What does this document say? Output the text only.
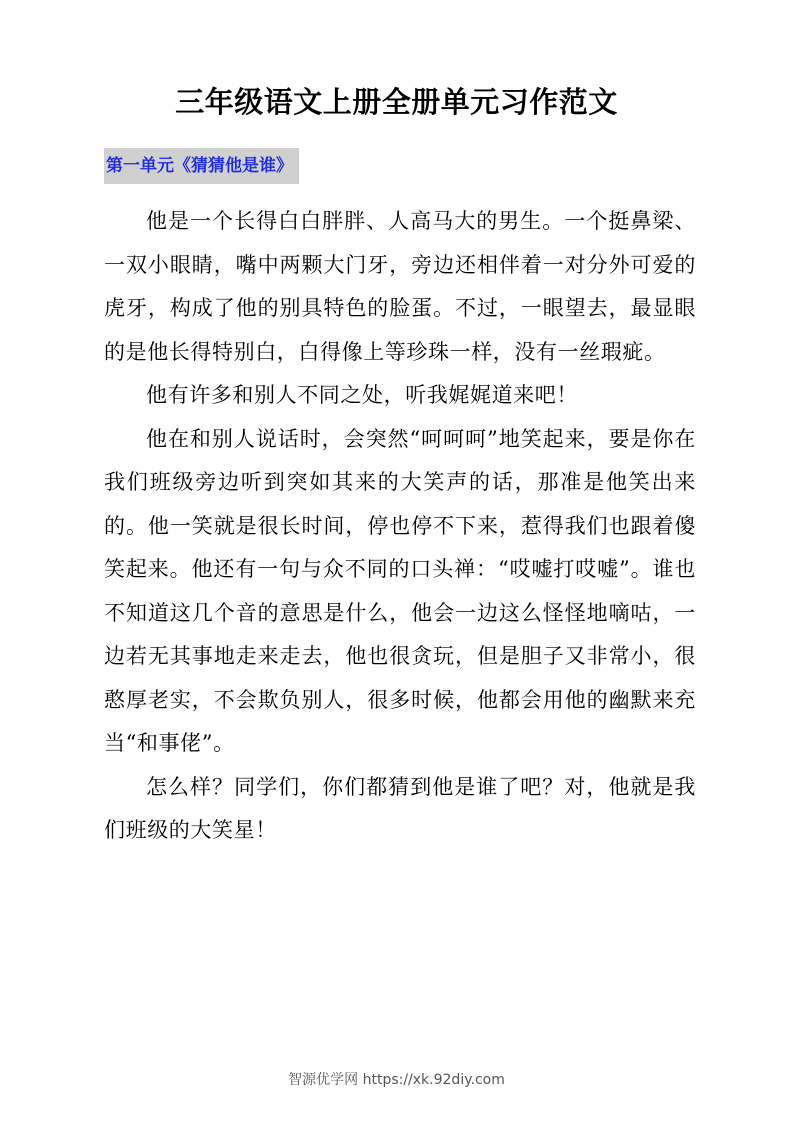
三年级语文上册全册单元习作范文
第一单元《猜猜他是谁》

他是一个长得白白胖胖、人高马大的男生。一个挺鼻梁、一双小眼睛，嘴中两颗大门牙，旁边还相伴着一对分外可爱的虎牙，构成了他的别具特色的脸蛋。不过，一眼望去，最显眼的是他长得特别白，白得像上等珍珠一样，没有一丝瑕疵。

他有许多和别人不同之处，听我娓娓道来吧！

他在和别人说话时，会突然“呵呵呵”地笑起来，要是你在我们班级旁边听到突如其来的大笑声的话，那准是他笑出来的。他一笑就是很长时间，停也停不下来，惹得我们也跟着傻笑起来。他还有一句与众不同的口头禅：“哎嘘打哎嘘”。谁也不知道这几个音的意思是什么，他会一边这么怪怪地嘀咕，一边若无其事地走来走去，他也很贪玩，但是胆子又非常小，很憨厚老实，不会欺负别人，很多时候，他都会用他的幽默来充当“和事佬”。

怎么样？同学们，你们都猜到他是谁了吧？对，他就是我们班级的大笑星！

智源优学网 https://xk.92diy.com
